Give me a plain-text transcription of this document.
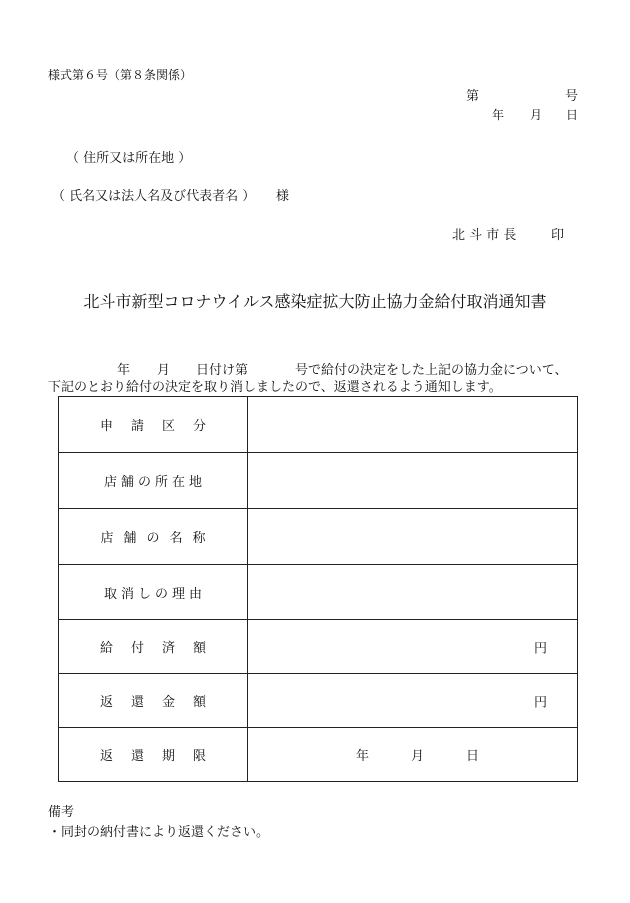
様式第６号（第８条関係）
第	号
年 月 日
（ 住所又は所在地 ）
（ 氏名又は法人名及び代表者名 ） 様
北 斗 市 長	印
北斗市新型コロナウイルス感染症拡大防止協力金給付取消通知書
年 月 日付け第	号で給付の決定をした上記の協力金について、
下記のとおり給付の決定を取り消しましたので、返還されるよう通知します。
申請区分	
店舗の所在地	
店舗の名称	
取消しの理由	
給付済額	円

返還金額	円

返還期限	年 月 日
備考
・同封の納付書により返還ください。
